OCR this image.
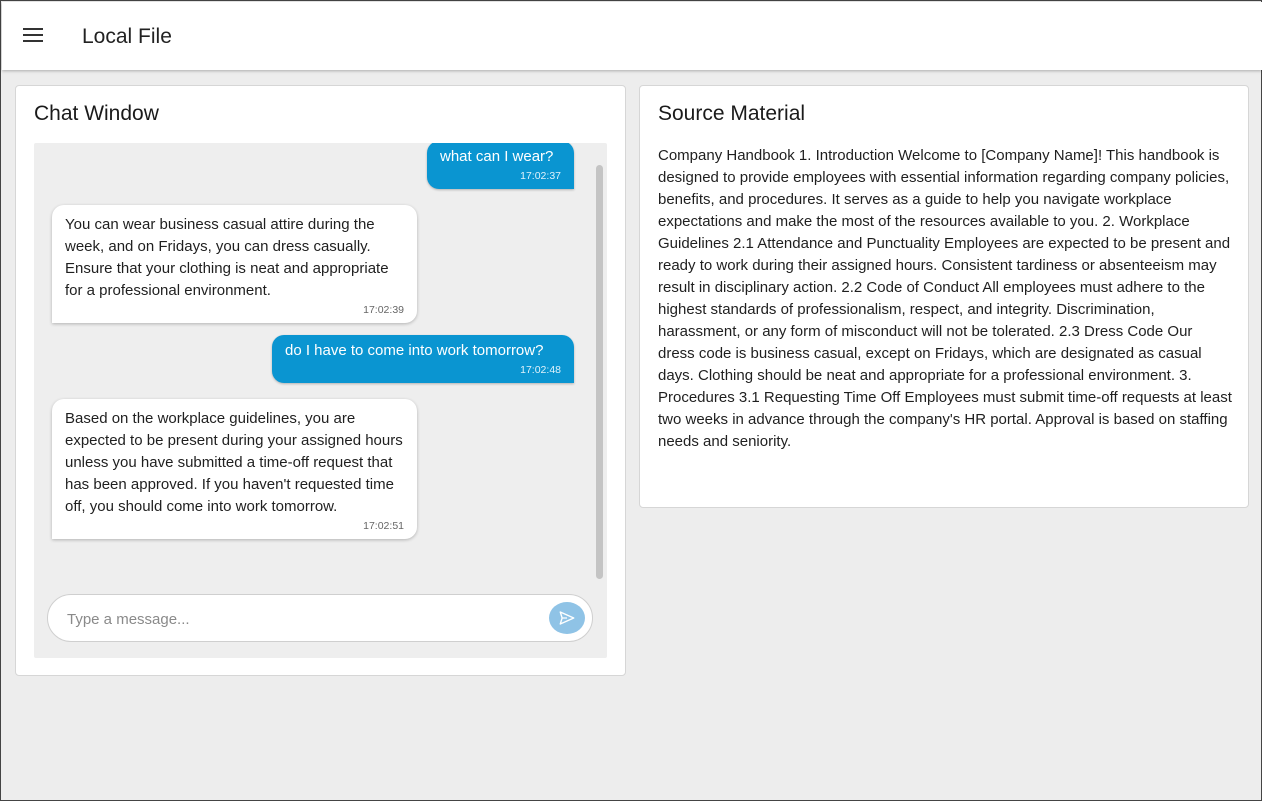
Local File
Chat Window
what can I wear?
17:02:37
You can wear business casual attire during the week, and on Fridays, you can dress casually. Ensure that your clothing is neat and appropriate for a professional environment.
17:02:39
do I have to come into work tomorrow?
17:02:48
Based on the workplace guidelines, you are expected to be present during your assigned hours unless you have submitted a time-off request that has been approved. If you haven't requested time off, you should come into work tomorrow.
17:02:51
Type a message...
Source Material
Company Handbook 1. Introduction Welcome to [Company Name]! This handbook is designed to provide employees with essential information regarding company policies, benefits, and procedures. It serves as a guide to help you navigate workplace expectations and make the most of the resources available to you. 2. Workplace Guidelines 2.1 Attendance and Punctuality Employees are expected to be present and ready to work during their assigned hours. Consistent tardiness or absenteeism may result in disciplinary action. 2.2 Code of Conduct All employees must adhere to the highest standards of professionalism, respect, and integrity. Discrimination, harassment, or any form of misconduct will not be tolerated. 2.3 Dress Code Our dress code is business casual, except on Fridays, which are designated as casual days. Clothing should be neat and appropriate for a professional environment. 3. Procedures 3.1 Requesting Time Off Employees must submit time-off requests at least two weeks in advance through the company's HR portal. Approval is based on staffing needs and seniority.
